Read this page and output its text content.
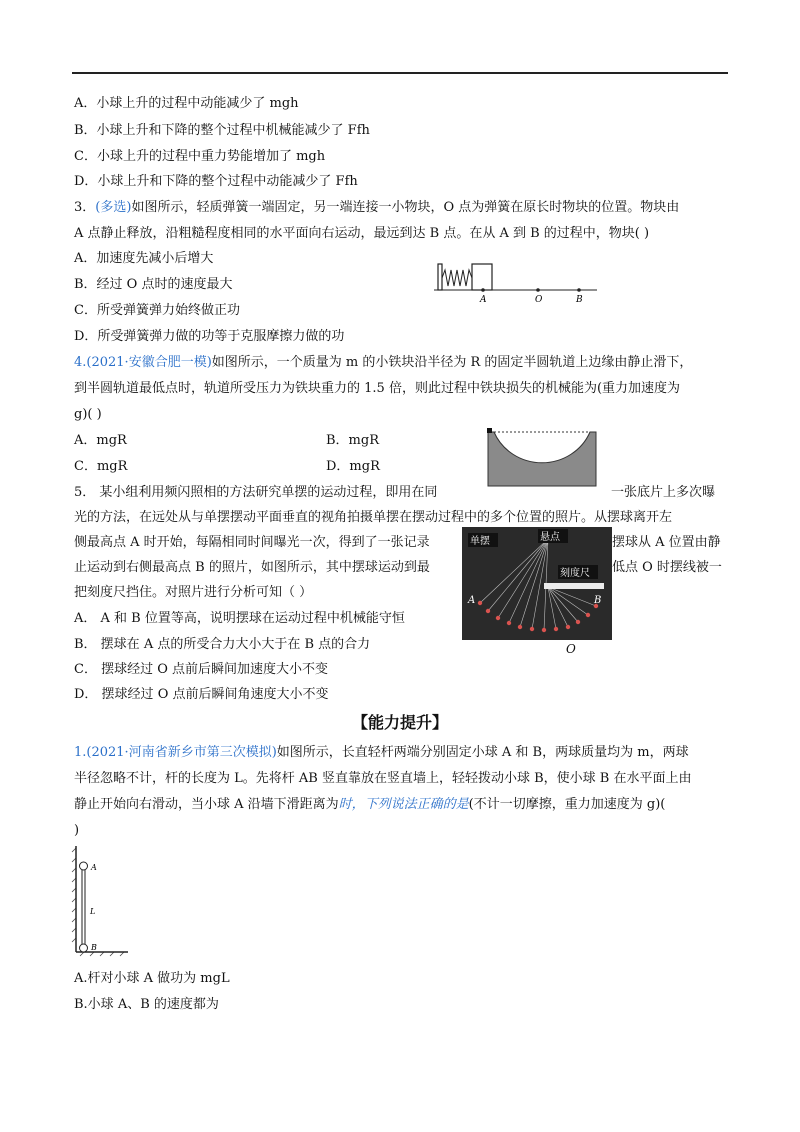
A．小球上升的过程中动能减少了 mgh
B．小球上升和下降的整个过程中机械能减少了 Ffh
C．小球上升的过程中重力势能增加了 mgh
D．小球上升和下降的整个过程中动能减少了 Ffh
3．(多选)如图所示，轻质弹簧一端固定，另一端连接一小物块，O 点为弹簧在原长时物块的位置。物块由
A 点静止释放，沿粗糙程度相同的水平面向右运动，最远到达 B 点。在从 A 到 B 的过程中，物块( )
A．加速度先减小后增大
B．经过 O 点时的速度最大
C．所受弹簧弹力始终做正功
D．所受弹簧弹力做的功等于克服摩擦力做的功
A	O	B
4.(2021·安徽合肥一模)如图所示，一个质量为 m 的小铁块沿半径为 R 的固定半圆轨道上边缘由静止滑下，
到半圆轨道最低点时，轨道所受压力为铁块重力的 1.5 倍，则此过程中铁块损失的机械能为(重力加速度为
g)( )
A．mgR	B．mgR
C．mgR	D．mgR
5． 某小组利用频闪照相的方法研究单摆的运动过程，即用在同	一张底片上多次曝
光的方法，在远处从与单摆摆动平面垂直的视角拍摄单摆在摆动过程中的多个位置的照片。从摆球离开左
侧最高点 A 时开始，每隔相同时间曝光一次，得到了一张记录	摆球从 A 位置由静
止运动到右侧最高点 B 的照片，如图所示，其中摆球运动到最	低点 O 时摆线被一
把刻度尺挡住。对照片进行分析可知（ ）
A． A 和 B 位置等高，说明摆球在运动过程中机械能守恒
B． 摆球在 A 点的所受合力大小大于在 B 点的合力
C． 摆球经过 O 点前后瞬间加速度大小不变
D． 摆球经过 O 点前后瞬间角速度大小不变
单摆	悬点
刻度尺
A	B
O
【能力提升】
1.(2021·河南省新乡市第三次模拟)如图所示，长直轻杆两端分别固定小球 A 和 B，两球质量均为 m，两球
半径忽略不计，杆的长度为 L。先将杆 AB 竖直靠放在竖直墙上，轻轻拨动小球 B，使小球 B 在水平面上由
静止开始向右滑动，当小球 A 沿墙下滑距离为时，下列说法正确的是(不计一切摩擦，重力加速度为 g)(
)
A
L
B
A.杆对小球 A 做功为 mgL
B.小球 A、B 的速度都为
